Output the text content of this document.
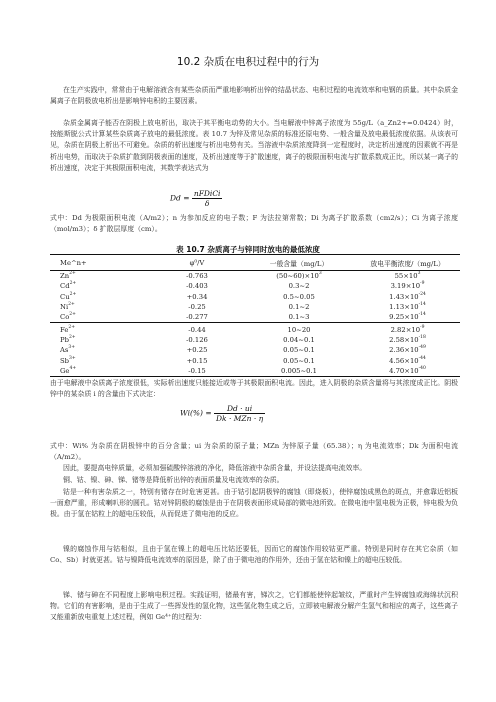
10.2 杂质在电积过程中的行为
在生产实践中，常常由于电解溶液含有某些杂质而严重地影响析出锌的结晶状态、电积过程的电流效率和电钢的质量。其中杂质金属离子在阴极放电析出是影响锌电积的主要因素。
杂质金属离子能否在阴极上放电析出，取决于其平衡电动势的大小。当电解液中锌离子浓度为 55g/L（a_Zn2+=0.0424）时，按能斯脱公式计算某些杂质离子放电的最低浓度。表 10.7 为锌及常见杂质的标准还原电势、一般含量及放电最低浓度依据。从该表可见，杂质在阴极上析出不可避免。杂质的析出速度与析出电势有关。当溶液中杂质浓度降到一定程度时，决定析出速度的因素就不再是析出电势，而取决于杂质扩散到阴极表面的速度，及析出速度等于扩散速度，离子的极限面积电流与扩散系数成正比，所以某一离子的析出速度，决定于其极限面积电流，其数学表达式为
$Dd = \frac{\text{nFDiCi}}{\delta}$
式中：Dd 为极限面积电流（A/m2）；n 为参加反应的电子数；F 为法拉第常数；Di 为离子扩散系数（cm2/s）；Ci 为离子浓度（mol/m3）；δ 扩散层厚度（cm）。
表 10.7 杂质离子与锌同时放电的最低浓度
Me^n+	φ⁰/V	一般含量（mg/L）	放电平衡浓度/（mg/L）
$Zn^{2+}$	-0.763	$(50\sim 60)\times 10^3$	$55\times 10^3$
$Cd^{2+}$	-0.403	0.3~2	$3.19\times 10^{-9}$
$Cu^{2+}$	+0.34	0.5~0.05	$1.43\times 10^{-24}$
$Ni^{2+}$	-0.25	0.1~2	$1.13\times 10^{-14}$
$Co^{2+}$	-0.277	0.1~3	$9.25\times 10^{-14}$
$Fe^{2+}$	-0.44	10~20	$2.82\times 10^{-9}$
$Pb^{2+}$	-0.126	0.04~0.1	$2.58\times 10^{-18}$
$As^{3+}$	+0.25	0.05~0.1	$2.36\times 10^{-49}$
$Sb^{3+}$	+0.15	0.05~0.1	$4.56\times 10^{-44}$
$Ge^{4+}$	-0.15	0.005~0.1	$4.70\times 10^{-40}$
由于电解液中杂质离子浓度很低，实际析出速度只能接近或等于其极限面积电流。因此，进入阴极的杂质含量将与其浓度成正比。阴极锌中的某杂质 i 的含量由下式决定：
$Wi(\%) = \frac{Dd \cdot ui}{\text{Dk · MZn · η}}$
式中：Wi% 为杂质在阴极锌中的百分含量；ui 为杂质的原子量；MZn 为锌原子量（65.38）；η 为电流效率；Dk 为面积电流（A/m2）。
因此，要提高电锌质量，必须加强硫酸锌溶液的净化，降低溶液中杂质含量，并设法提高电流效率。
铜、钴、镍、砷、锑、锗等是降低析出锌的表面质量及电流效率的杂质。
钴是一种有害杂质之一，特别有锗存在时危害更甚。由于钴引起阴极锌的腐蚀（即烧板），使锌腐蚀成黑色的斑点，并愈靠近铝板一面愈严重，形成喇叭形的圆孔。钴对锌阴极的腐蚀是由于在阴极表面形成局部的微电池所致。在微电池中氢电极为正极，锌电极为负极。由于氢在钴粒上的超电压较低，从而促进了微电池的反应。
镍的腐蚀作用与钴相似，且由于氢在镍上的超电压比钴还要低，因而它的腐蚀作用较钴更严重。特别是同时存在其它杂质（如 Co、Sb）时就更甚。钴与镍降低电流效率的原因是，除了由于微电池的作用外，还由于氢在钴和镍上的超电压较低。
锑、锗与砷在不同程度上影响电积过程。实践证明，锗最有害，锑次之，它们都能使锌起皱纹，严重时产生锌腐蚀或海绵状沉积物。它们的有害影响，是由于生成了一些挥发性的氢化物，这些氢化物生成之后，立即被电解液分解产生氢气和相应的离子，这些离子又能重新放电重复上述过程，例如 Ge⁴⁺的过程为：
